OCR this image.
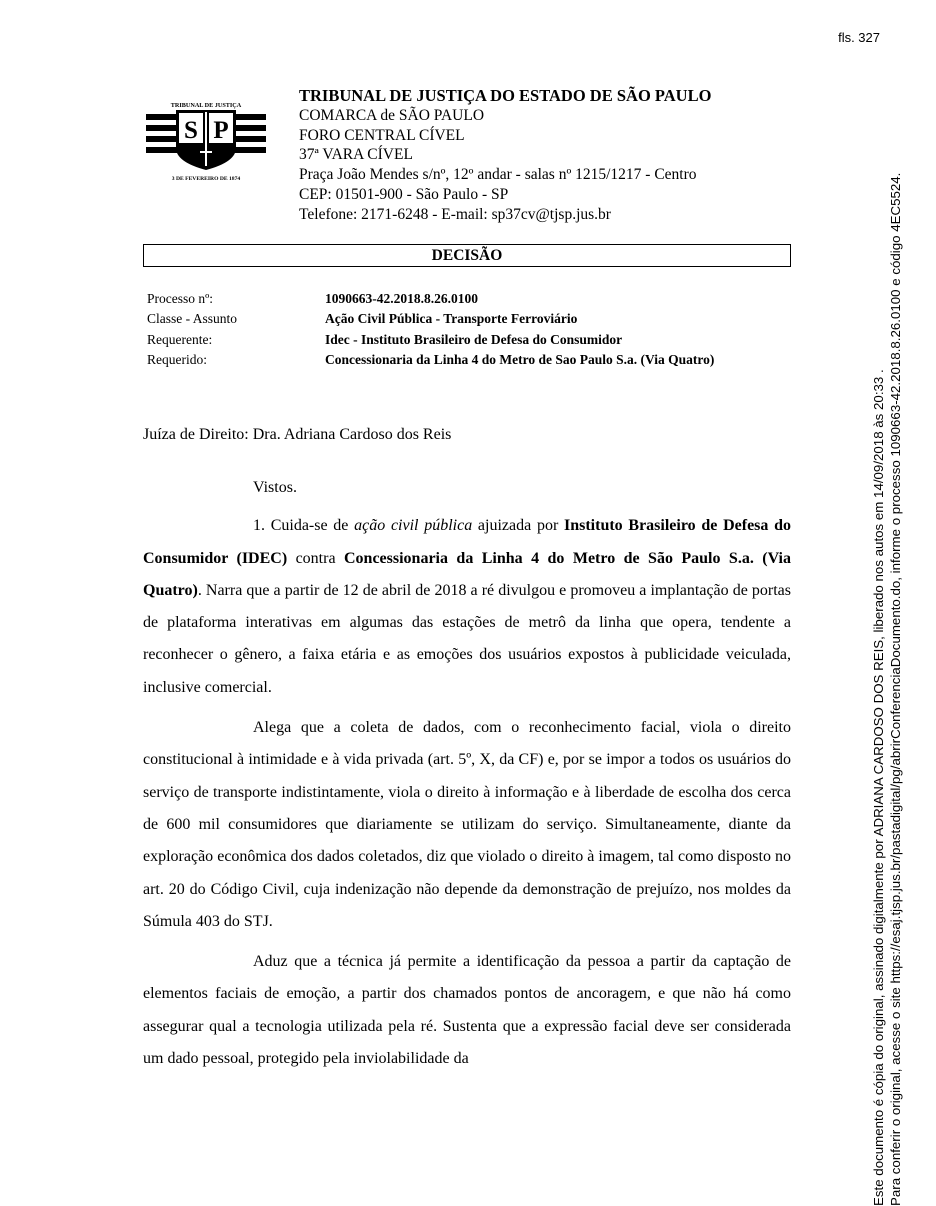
fls. 327
TRIBUNAL DE JUSTIÇA
S P
3 DE FEVEREIRO DE 1874
TRIBUNAL DE JUSTIÇA DO ESTADO DE SÃO PAULO
COMARCA de SÃO PAULO
FORO CENTRAL CÍVEL
37ª VARA CÍVEL
Praça João Mendes s/nº, 12º andar - salas nº 1215/1217 - Centro
CEP: 01501-900 - São Paulo - SP
Telefone: 2171-6248 - E-mail: sp37cv@tjsp.jus.br
DECISÃO
Processo nº:	1090663-42.2018.8.26.0100
Classe - Assunto	Ação Civil Pública - Transporte Ferroviário
Requerente:	Idec - Instituto Brasileiro de Defesa do Consumidor
Requerido:	Concessionaria da Linha 4 do Metro de Sao Paulo S.a. (Via Quatro)
Juíza de Direito: Dra. Adriana Cardoso dos Reis

Vistos.

1. Cuida-se de ação civil pública ajuizada por Instituto Brasileiro de Defesa do Consumidor (IDEC) contra Concessionaria da Linha 4 do Metro de São Paulo S.a. (Via Quatro). Narra que a partir de 12 de abril de 2018 a ré divulgou e promoveu a implantação de portas de plataforma interativas em algumas das estações de metrô da linha que opera, tendente a reconhecer o gênero, a faixa etária e as emoções dos usuários expostos à publicidade veiculada, inclusive comercial.

Alega que a coleta de dados, com o reconhecimento facial, viola o direito constitucional à intimidade e à vida privada (art. 5º, X, da CF) e, por se impor a todos os usuários do serviço de transporte indistintamente, viola o direito à informação e à liberdade de escolha dos cerca de 600 mil consumidores que diariamente se utilizam do serviço. Simultaneamente, diante da exploração econômica dos dados coletados, diz que violado o direito à imagem, tal como disposto no art. 20 do Código Civil, cuja indenização não depende da demonstração de prejuízo, nos moldes da Súmula 403 do STJ.

Aduz que a técnica já permite a identificação da pessoa a partir da captação de elementos faciais de emoção, a partir dos chamados pontos de ancoragem, e que não há como assegurar qual a tecnologia utilizada pela ré. Sustenta que a expressão facial deve ser considerada um dado pessoal, protegido pela inviolabilidade da	Este documento é cópia do original, assinado digitalmente por ADRIANA CARDOSO DOS REIS, liberado nos autos em 14/09/2018 às 20:33 . Para conferir o original, acesse o site https://esaj.tjsp.jus.br/pastadigital/pg/abrirConferenciaDocumento.do, informe o processo 1090663-42.2018.8.26.0100 e código 4EC5524.
